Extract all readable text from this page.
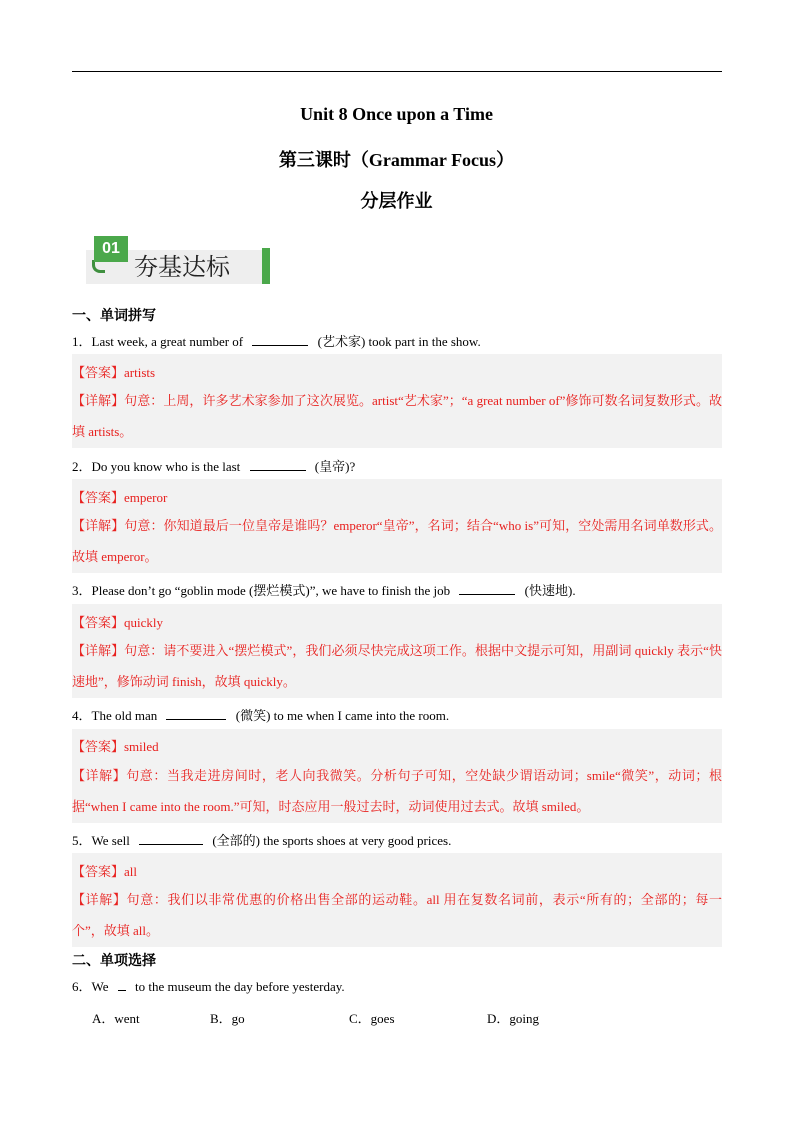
Unit 8 Once upon a Time
第三课时（Grammar Focus）
分层作业
01
夯基达标
一、单词拼写
1．Last week, a great number of	(艺术家) took part in the show.
【答案】artists
【详解】句意：上周，许多艺术家参加了这次展览。artist“艺术家”；“a great number of”修饰可数名词复数形式。故填 artists。
2．Do you know who is the last	(皇帝)?
【答案】emperor
【详解】句意：你知道最后一位皇帝是谁吗？emperor“皇帝”，名词；结合“who is”可知，空处需用名词单数形式。故填 emperor。
3．Please don’t go “goblin mode (摆烂模式)”, we have to finish the job	(快速地).
【答案】quickly
【详解】句意：请不要进入“摆烂模式”，我们必须尽快完成这项工作。根据中文提示可知，用副词 quickly 表示“快速地”，修饰动词 finish，故填 quickly。
4．The old man	(微笑) to me when I came into the room.
【答案】smiled
【详解】句意：当我走进房间时，老人向我微笑。分析句子可知，空处缺少谓语动词；smile“微笑”，动词；根据“when I came into the room.”可知，时态应用一般过去时，动词使用过去式。故填 smiled。
5．We sell	(全部的) the sports shoes at very good prices.
【答案】all
【详解】句意：我们以非常优惠的价格出售全部的运动鞋。all 用在复数名词前，表示“所有的；全部的；每一个”，故填 all。
二、单项选择
6．We to the museum the day before yesterday.
A．went	B．go	C．goes	D．going
